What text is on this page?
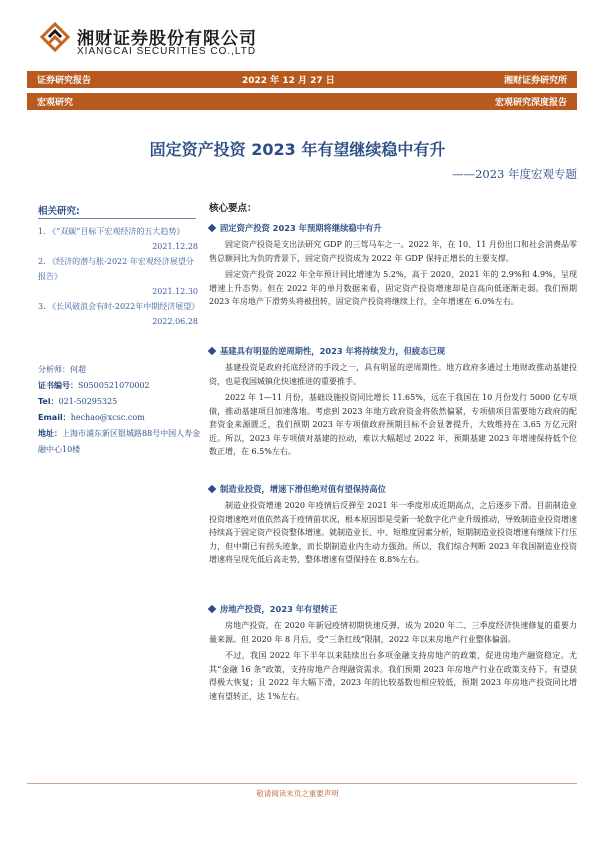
湘财证券股份有限公司
XIANGCAI SECURITIES CO.,LTD
证券研究报告	2022 年 12 月 27 日	湘财证券研究所
宏观研究	宏观研究深度报告
固定资产投资 2023 年有望继续稳中有升
——2023 年度宏观专题
相关研究:
1. 《“双碳”目标下宏观经济的五大趋势》
2021.12.28
2. 《经济的潜与胀-2022 年宏观经济展望分报告》
2021.12.30
3. 《长风破浪会有时-2022年中期经济展望》
2022.06.28
分析师：何超
证书编号：S0500521070002
Tel：021-50295325
Email：hechao@xcsc.com
地址：上海市浦东新区银城路88号中国人寿金融中心10楼
核心要点：
固定资产投资 2023 年预期将继续稳中有升

固定资产投资是支出法研究 GDP 的三驾马车之一。2022 年，在 10、11 月份出口和社会消费品零售总额同比为负的背景下，固定资产投资成为 2022 年 GDP 保持正增长的主要支撑。

固定资产投资 2022 年全年预计同比增速为 5.2%，高于 2020、2021 年的 2.9%和 4.9%，呈现增速上升态势。但在 2022 年的单月数据来看，固定资产投资增速却是自高向低逐渐走弱。我们预期 2023 年房地产下滑势头将被扭转，固定资产投资将继续上行，全年增速在 6.0%左右。

基建具有明显的逆周期性，2023 年将持续发力，但疲态已现

基建投资是政府托底经济的手段之一，具有明显的逆周期性。地方政府多通过土地财政推动基建投资，也是我国城镇化快速推进的重要推手。

2022 年 1—11 月份，基础设施投资同比增长 11.65%，远在于我国在 10 月份发行 5000 亿专项债，推动基建项目加速落地。考虑到 2023 年地方政府资金将依然偏紧，专项债项目需要地方政府的配套资金来源匮乏，我们预期 2023 年专项债政府预期目标不会显著提升，大致维持在 3.65 万亿元附近。所以，2023 年专项债对基建的拉动，难以大幅超过 2022 年，预期基建 2023 年增速保持低个位数正增，在 6.5%左右。

制造业投资，增速下滑但绝对值有望保持高位

制造业投资增速 2020 年疫情后反弹至 2021 年一季度形成近期高点，之后逐步下滑。目前制造业投资增速绝对值依然高于疫情前状况，根本原因即是受新一轮数字化产业升级推动，导致制造业投资增速持续高于固定资产投资整体增速。就制造业长、中、短维度因素分析，短期制造业投资增速有继续下行压力，但中期已有拐头迹象，而长期制造业内生动力强劲。所以，我们综合判断 2023 年我国制造业投资增速将呈现先低后高走势，整体增速有望保持在 8.8%左右。

房地产投资，2023 年有望转正

房地产投资，在 2020 年新冠疫情初期快速反弹，成为 2020 年二、三季度经济快速修复的重要力量来源。但 2020 年 8 月后，受“三条红线”限制，2022 年以来房地产行业整体偏弱。

不过，我国 2022 年下半年以来陆续出台多项金融支持房地产的政策，促进房地产融资稳定。尤其“金融 16 条”政策，支持房地产合理融资需求。我们预期 2023 年房地产行业在政策支持下，有望获得极大恢复；且 2022 年大幅下滑，2023 年的比较基数也相应较低，预期 2023 年房地产投资同比增速有望转正，达 1%左右。

敬请阅读末页之重要声明
